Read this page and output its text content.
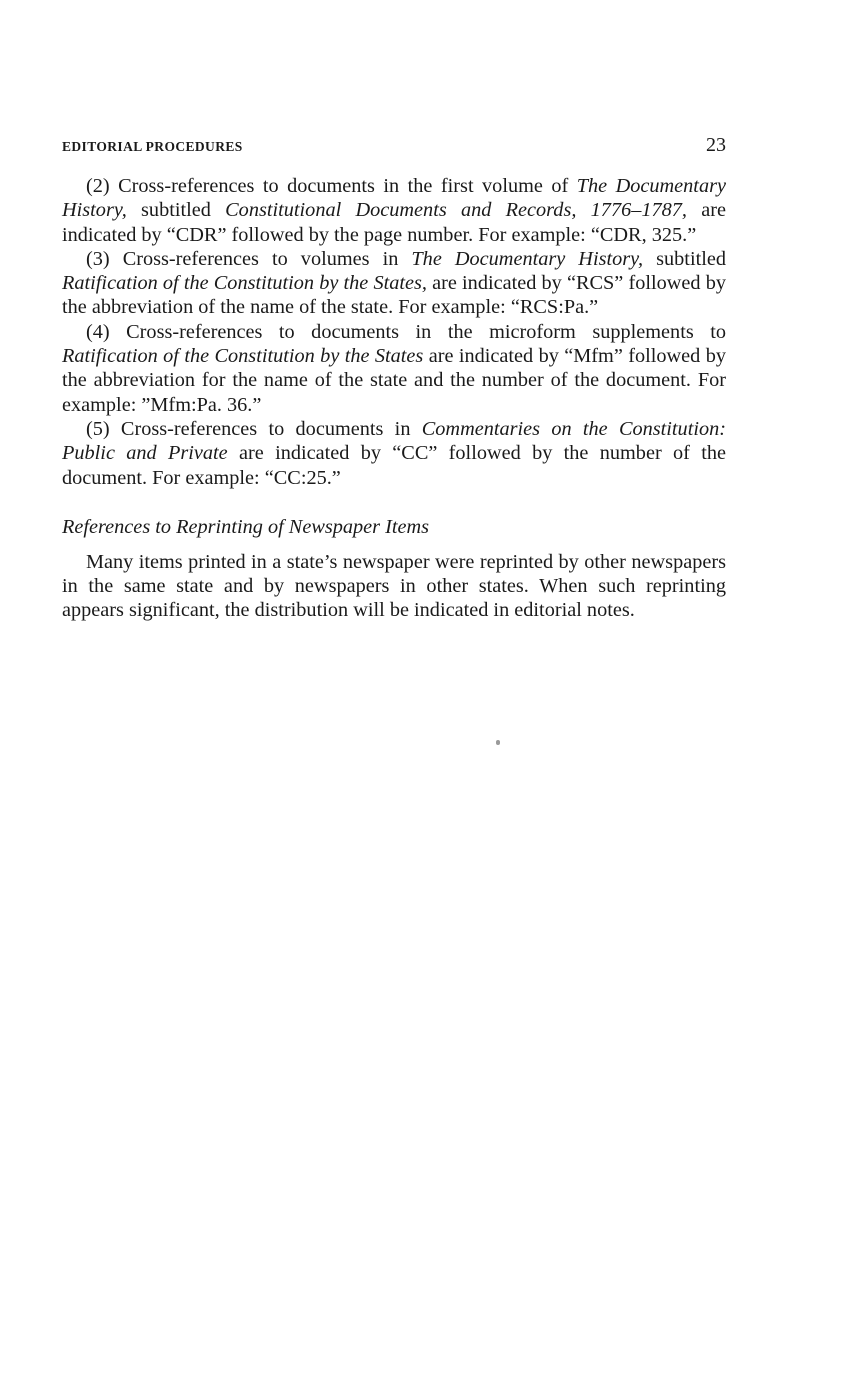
EDITORIAL PROCEDURES	23

(2) Cross-references to documents in the first volume of The Documentary History, subtitled Constitutional Documents and Records, 1776–1787, are indicated by “CDR” followed by the page number. For example: “CDR, 325.”

(3) Cross-references to volumes in The Documentary History, subtitled Ratification of the Constitution by the States, are indicated by “RCS” followed by the abbreviation of the name of the state. For example: “RCS:Pa.”

(4) Cross-references to documents in the microform supplements to Ratification of the Constitution by the States are indicated by “Mfm” followed by the abbreviation for the name of the state and the number of the document. For example: ”Mfm:Pa. 36.”

(5) Cross-references to documents in Commentaries on the Constitution: Public and Private are indicated by “CC” followed by the number of the document. For example: “CC:25.”

References to Reprinting of Newspaper Items

Many items printed in a state’s newspaper were reprinted by other newspapers in the same state and by newspapers in other states. When such reprinting appears significant, the distribution will be indicated in editorial notes.
